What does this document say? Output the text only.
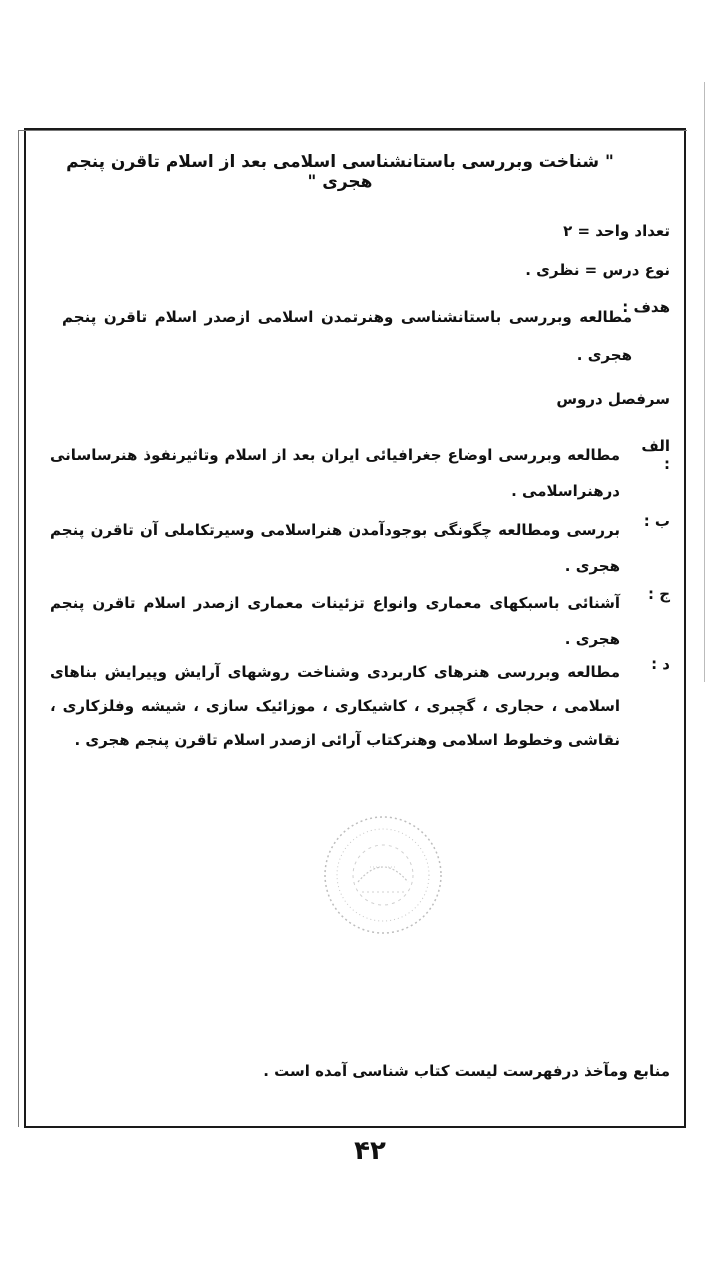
" شناخت وبررسی باستانشناسی اسلامی بعد از اسلام تاقرن پنجم هجری "
تعداد واحد = ۲
نوع درس = نظری .
هدف :
مطالعه وبررسی باستانشناسی وهنرتمدن اسلامی ازصدر اسلام تاقرن پنجم هجری .
سرفصل دروس
الف :
مطالعه وبررسی اوضاع جغرافیائی ایران بعد از اسلام وتاثیرنفوذ هنرساسانی درهنراسلامی .
ب :
بررسی ومطالعه چگونگی بوجودآمدن هنراسلامی وسیرتکاملی آن تاقرن پنجم هجری .
ج :
آشنائی باسبکهای معماری وانواع تزئینات معماری ازصدر اسلام تاقرن پنجم هجری .
د :
مطالعه وبررسی هنرهای کاربردی وشناخت روشهای آرایش وپیرایش بناهای اسلامی ، حجاری ، گچبری ، کاشیکاری ، موزائیک سازی ، شیشه وفلزکاری ، نقاشی وخطوط اسلامی وهنرکتاب آرائی ازصدر اسلام تاقرن پنجم هجری .
منابع ومآخذ درفهرست لیست کتاب شناسی آمده است .
۴۲
